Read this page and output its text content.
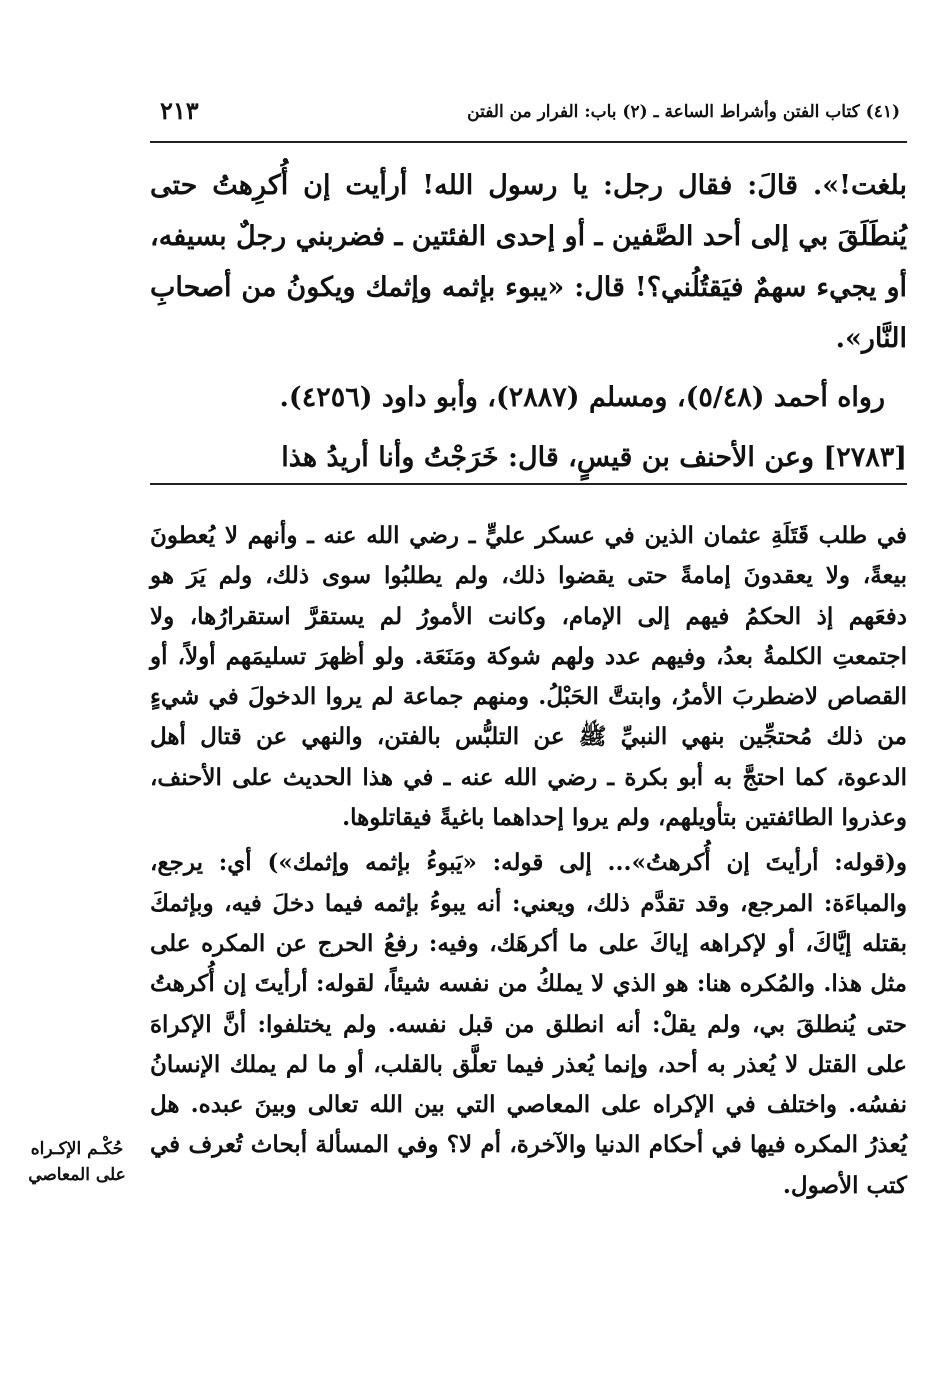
(٤١) كتاب الفتن وأشراط الساعة ـ (٢) باب: الفرار من الفتن
٢١٣

بلغت!». قالَ: فقال رجل: يا رسول الله! أرأيت إن أُكرِهتُ حتى يُنطَلَقَ بي إلى أحد الصَّفين ـ أو إحدى الفئتين ـ فضربني رجلٌ بسيفه، أو يجيء سهمٌ فيَقتُلُني؟! قال: «يبوء بإثمه وإثمك ويكونُ من أصحابِ النَّار».

رواه أحمد (٥/٤٨)، ومسلم (٢٨٨٧)، وأبو داود (٤٢٥٦).

[٢٧٨٣] وعن الأحنف بن قيسٍ، قال: خَرَجْتُ وأنا أريدُ هذا

في طلب قَتَلَةِ عثمان الذين في عسكر عليٍّ ـ رضي الله عنه ـ وأنهم لا يُعطونَ بيعةً، ولا يعقدونَ إمامةً حتى يقضوا ذلك، ولم يطلبُوا سوى ذلك، ولم يَرَ هو دفعَهم إذ الحكمُ فيهم إلى الإمام، وكانت الأمورُ لم يستقرَّ استقرارُها، ولا اجتمعتِ الكلمةُ بعدُ، وفيهم عدد ولهم شوكة ومَنَعَة. ولو أظهرَ تسليمَهم أولاً، أو القصاص لاضطربَ الأمرُ، وابتتَّ الحَبْلُ. ومنهم جماعة لم يروا الدخولَ في شيءٍ من ذلك مُحتجِّين بنهي النبيِّ ﷺ عن التلبُّس بالفتن، والنهي عن قتال أهل الدعوة، كما احتجَّ به أبو بكرة ـ رضي الله عنه ـ في هذا الحديث على الأحنف، وعذروا الطائفتين بتأويلهم، ولم يروا إحداهما باغيةً فيقاتلوها.

و(قوله: أرأيتَ إن أُكرهتُ»... إلى قوله: «يَبوءُ بإثمه وإثمك») أي: يرجع، والمباءَة: المرجع، وقد تقدَّم ذلك، ويعني: أنه يبوءُ بإثمه فيما دخلَ فيه، وبإثمكَ بقتله إيَّاكَ، أو لإكراهه إياكَ على ما أكرهَك، وفيه: رفعُ الحرج عن المكره على مثل هذا. والمُكره هنا: هو الذي لا يملكُ من نفسه شيئاً، لقوله: أرأيتَ إن أُكرهتُ حتى يُنطلقَ بي، ولم يقلْ: أنه انطلق من قبل نفسه. ولم يختلفوا: أنَّ الإكراهَ على القتل لا يُعذر به أحد، وإنما يُعذر فيما تعلَّق بالقلب، أو ما لم يملك الإنسانُ نفسُه. واختلف في الإكراه على المعاصي التي بين الله تعالى وبينَ عبده. هل يُعذرُ المكره فيها في أحكام الدنيا والآخرة، أم لا؟ وفي المسألة أبحاث تُعرف في كتب الأصول.

حُكْـم الإكـراه
على المعاصي
